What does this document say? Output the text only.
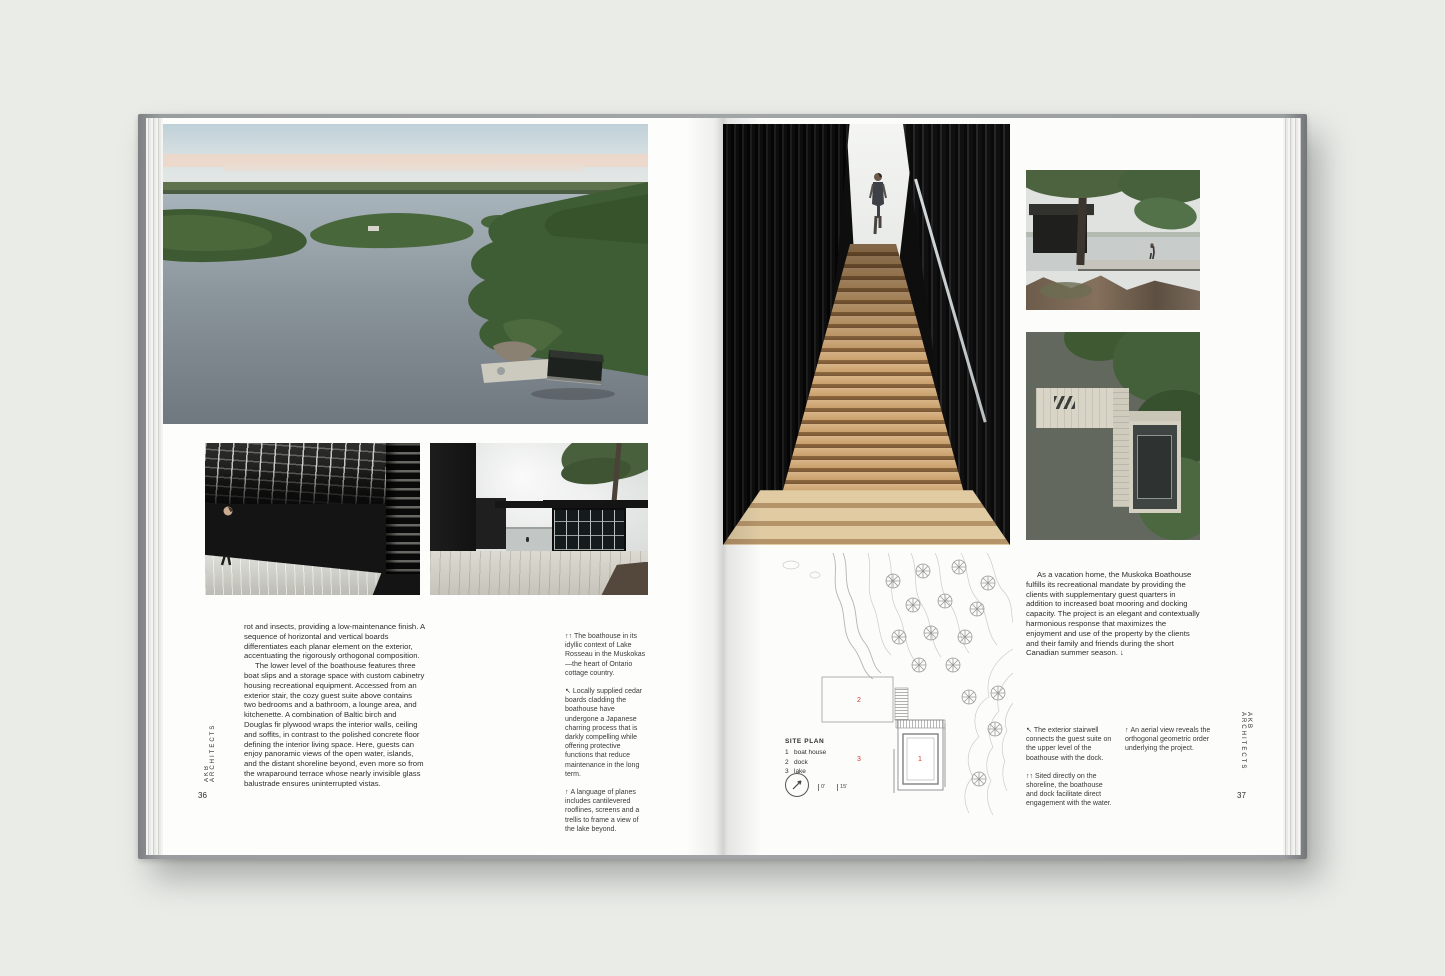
rot and insects, providing a low-maintenance finish. A sequence of horizontal and vertical boards differentiates each planar element on the exterior, accentuating the rigorously orthogonal composition.

The lower level of the boathouse features three boat slips and a storage space with custom cabinetry housing recreational equipment. Accessed from an exterior stair, the cozy guest suite above contains two bedrooms and a bathroom, a lounge area, and kitchenette. A combination of Baltic birch and Douglas fir plywood wraps the interior walls, ceiling and soffits, in contrast to the polished concrete floor defining the interior living space. Here, guests can enjoy panoramic views of the open water, islands, and the distant shoreline beyond, even more so from the wraparound terrace whose nearly invisible glass balustrade ensures uninterrupted vistas.

↑↑ The boathouse in its idyllic context of Lake Rosseau in the Muskokas—the heart of Ontario cottage country.

↖ Locally supplied cedar boards cladding the boathouse have undergone a Japanese charring process that is darkly compelling while offering protective functions that reduce maintenance in the long term.

↑ A language of planes includes cantilevered rooflines, screens and a trellis to frame a view of the lake beyond.

AKB ARCHITECTS
36
2
3	1
SITE PLAN
1 boat house
2 dock
3 lake
0'	15'

As a vacation home, the Muskoka Boathouse fulfills its recreational mandate by providing the clients with supplementary guest quarters in addition to increased boat mooring and docking capacity. The project is an elegant and contextually harmonious response that maximizes the enjoyment and use of the property by the clients and their family and friends during the short Canadian summer season. ↓

↖ The exterior stairwell connects the guest suite on the upper level of the boathouse with the dock.

↑↑ Sited directly on the shoreline, the boathouse and dock facilitate direct engagement with the water.

↑ An aerial view reveals the orthogonal geometric order underlying the project.

AKB ARCHITECTS
37
